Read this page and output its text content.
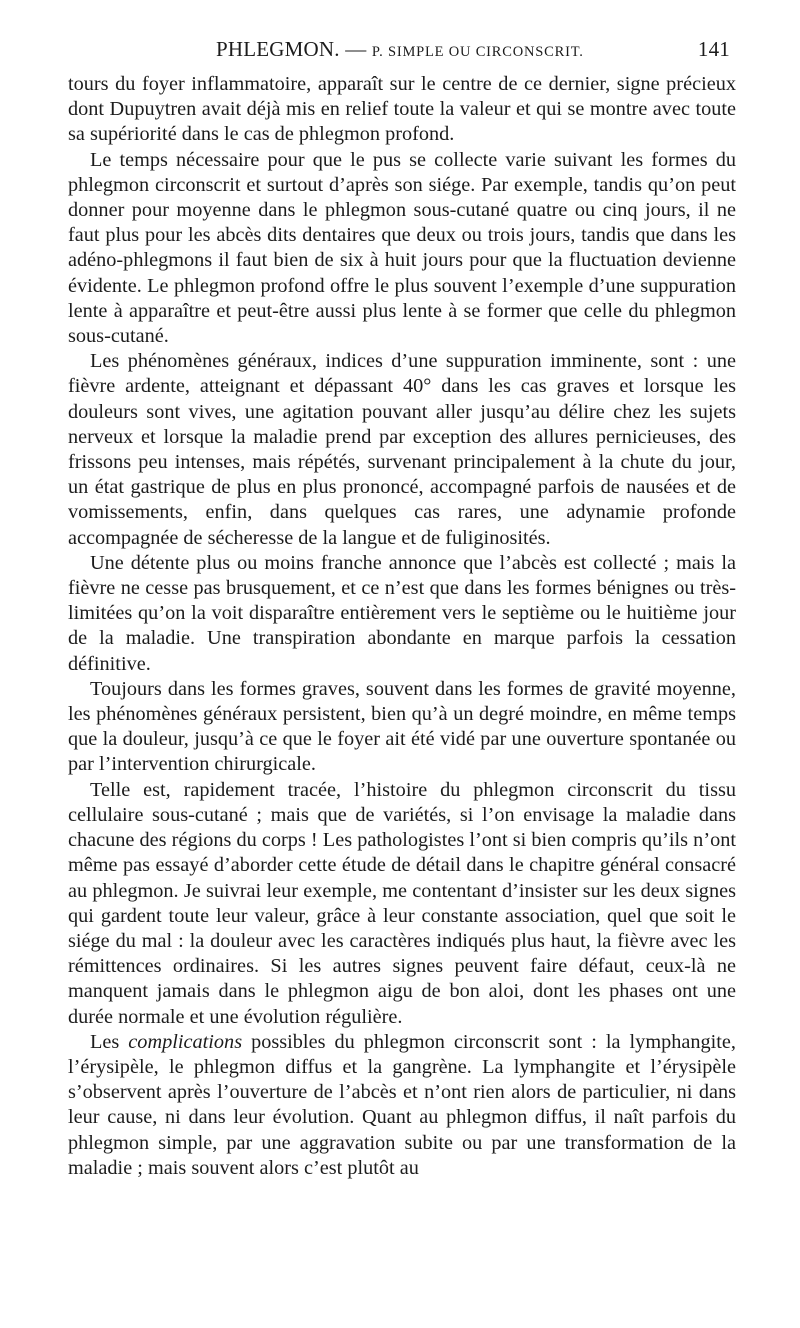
PHLEGMON. — P. SIMPLE OU CIRCONSCRIT.	141

tours du foyer inflammatoire, apparaît sur le centre de ce dernier, signe précieux dont Dupuytren avait déjà mis en relief toute la valeur et qui se montre avec toute sa supériorité dans le cas de phlegmon profond.

Le temps nécessaire pour que le pus se collecte varie suivant les formes du phlegmon circonscrit et surtout d’après son siége. Par exemple, tandis qu’on peut donner pour moyenne dans le phlegmon sous-cutané quatre ou cinq jours, il ne faut plus pour les abcès dits dentaires que deux ou trois jours, tandis que dans les adéno-phlegmons il faut bien de six à huit jours pour que la fluctuation devienne évidente. Le phlegmon profond offre le plus souvent l’exemple d’une suppuration lente à apparaître et peut-être aussi plus lente à se former que celle du phlegmon sous-cutané.

Les phénomènes généraux, indices d’une suppuration imminente, sont : une fièvre ardente, atteignant et dépassant 40° dans les cas graves et lorsque les douleurs sont vives, une agitation pouvant aller jusqu’au délire chez les sujets nerveux et lorsque la maladie prend par exception des allures pernicieuses, des frissons peu intenses, mais répétés, survenant principalement à la chute du jour, un état gastrique de plus en plus prononcé, accompagné parfois de nausées et de vomissements, enfin, dans quelques cas rares, une adynamie profonde accompagnée de sécheresse de la langue et de fuliginosités.

Une détente plus ou moins franche annonce que l’abcès est collecté ; mais la fièvre ne cesse pas brusquement, et ce n’est que dans les formes bénignes ou très-limitées qu’on la voit disparaître entièrement vers le septième ou le huitième jour de la maladie. Une transpiration abondante en marque parfois la cessation définitive.

Toujours dans les formes graves, souvent dans les formes de gravité moyenne, les phénomènes généraux persistent, bien qu’à un degré moindre, en même temps que la douleur, jusqu’à ce que le foyer ait été vidé par une ouverture spontanée ou par l’intervention chirurgicale.

Telle est, rapidement tracée, l’histoire du phlegmon circonscrit du tissu cellulaire sous-cutané ; mais que de variétés, si l’on envisage la maladie dans chacune des régions du corps ! Les pathologistes l’ont si bien compris qu’ils n’ont même pas essayé d’aborder cette étude de détail dans le chapitre général consacré au phlegmon. Je suivrai leur exemple, me contentant d’insister sur les deux signes qui gardent toute leur valeur, grâce à leur constante association, quel que soit le siége du mal : la douleur avec les caractères indiqués plus haut, la fièvre avec les rémittences ordinaires. Si les autres signes peuvent faire défaut, ceux-là ne manquent jamais dans le phlegmon aigu de bon aloi, dont les phases ont une durée normale et une évolution régulière.

Les complications possibles du phlegmon circonscrit sont : la lymphangite, l’érysipèle, le phlegmon diffus et la gangrène. La lymphangite et l’érysipèle s’observent après l’ouverture de l’abcès et n’ont rien alors de particulier, ni dans leur cause, ni dans leur évolution. Quant au phlegmon diffus, il naît parfois du phlegmon simple, par une aggravation subite ou par une transformation de la maladie ; mais souvent alors c’est plutôt au
